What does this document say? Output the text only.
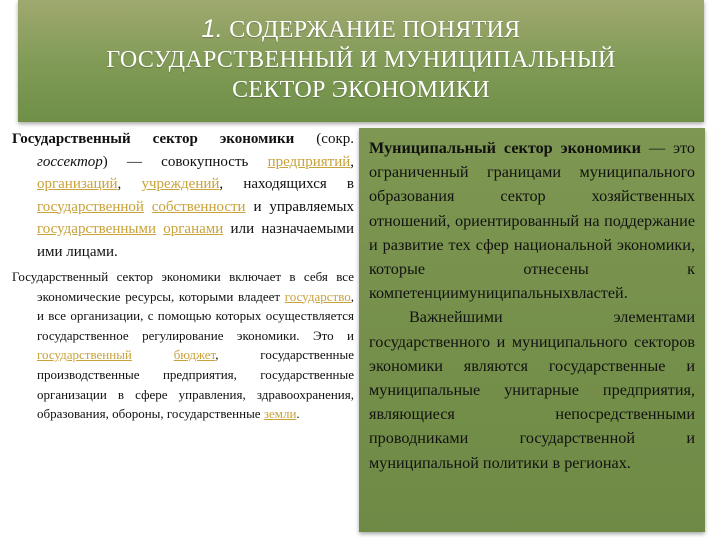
1. СОДЕРЖАНИЕ ПОНЯТИЯ
ГОСУДАРСТВЕННЫЙ И МУНИЦИПАЛЬНЫЙ
СЕКТОР ЭКОНОМИКИ

Государственный сектор экономики (сокр. госсектор) — совокупность предприятий, организаций, учреждений, находящихся в государственной собственности и управляемых государственными органами или назначаемыми ими лицами.

Государственный сектор экономики включает в себя все экономические ресурсы, которыми владеет государство, и все организации, с помощью которых осуществляется государственное регулирование экономики. Это и государственный	бюджет, государственные производственные предприятия, государственные организации в сфере управления, здравоохранения, образования, обороны, государственные земли.

Муниципальный сектор экономики — это ограниченный границами муниципального образования сектор хозяйственных отношений, ориентированный на поддержание и развитие тех сфер национальной экономики, которые отнесены к компетенциимуниципальныхвластей.

Важнейшими элементами государственного и муниципального секторов экономики являются государственные и муниципальные унитарные предприятия, являющиеся непосредственными проводниками государственной и муниципальной политики в регионах.
